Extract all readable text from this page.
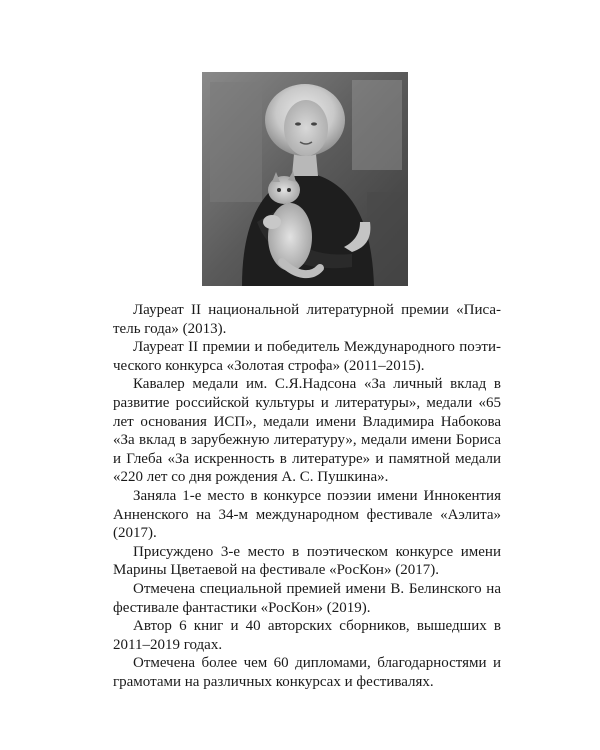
Лауреат II национальной литературной премии «Писатель года» (2013).

Лауреат II премии и победитель Международного поэтического конкурса «Золотая строфа» (2011–2015).

Кавалер медали им. С.Я.Надсона «За личный вклад в развитие российской культуры и литературы», медали «65 лет основания ИСП», медали имени Владимира Набокова «За вклад в зарубежную литературу», медали имени Бориса и Глеба «За искренность в литературе» и памятной медали «220 лет со дня рождения А. С. Пушкина».

Заняла 1-е место в конкурсе поэзии имени Иннокентия Анненского на 34-м международном фестивале «Аэлита» (2017).

Присуждено 3-е место в поэтическом конкурсе имени Марины Цветаевой на фестивале «РосКон» (2017).

Отмечена специальной премией имени В. Белинского на фестивале фантастики «РосКон» (2019).

Автор 6 книг и 40 авторских сборников, вышедших в 2011–2019 годах.

Отмечена более чем 60 дипломами, благодарностями и грамотами на различных конкурсах и фестивалях.
